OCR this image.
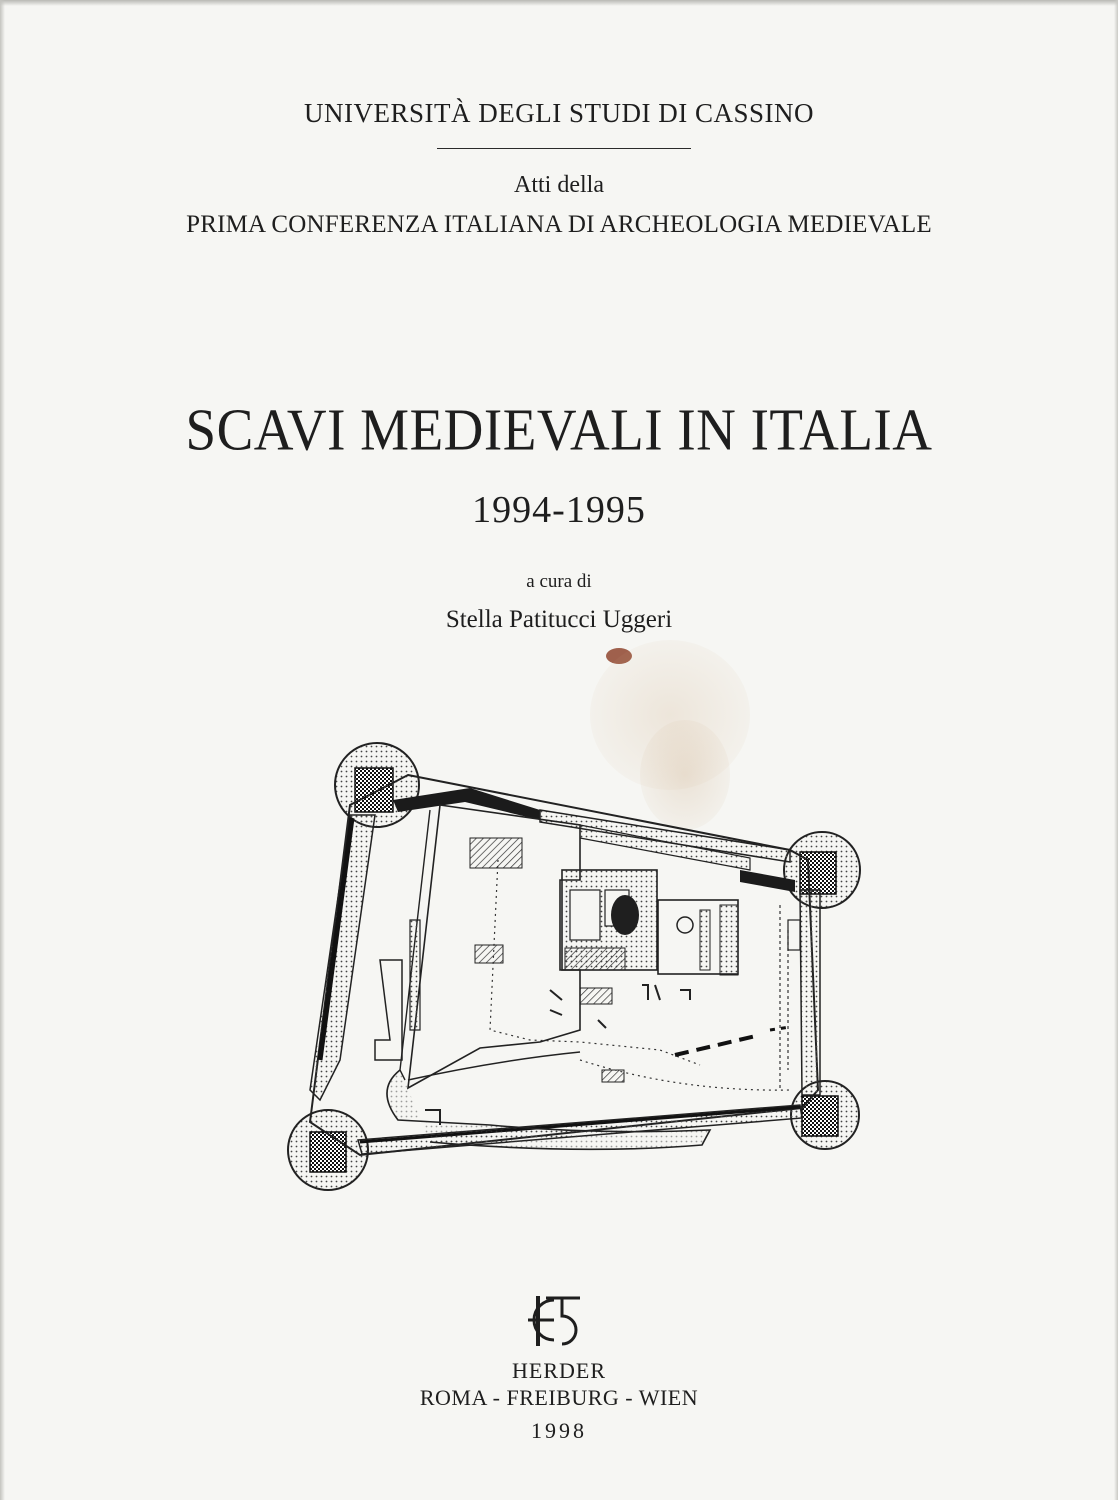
UNIVERSITÀ DEGLI STUDI DI CASSINO
Atti della
PRIMA CONFERENZA ITALIANA DI ARCHEOLOGIA MEDIEVALE
SCAVI MEDIEVALI IN ITALIA
1994-1995
a cura di
Stella Patitucci Uggeri
HERDER
ROMA - FREIBURG - WIEN
1998
